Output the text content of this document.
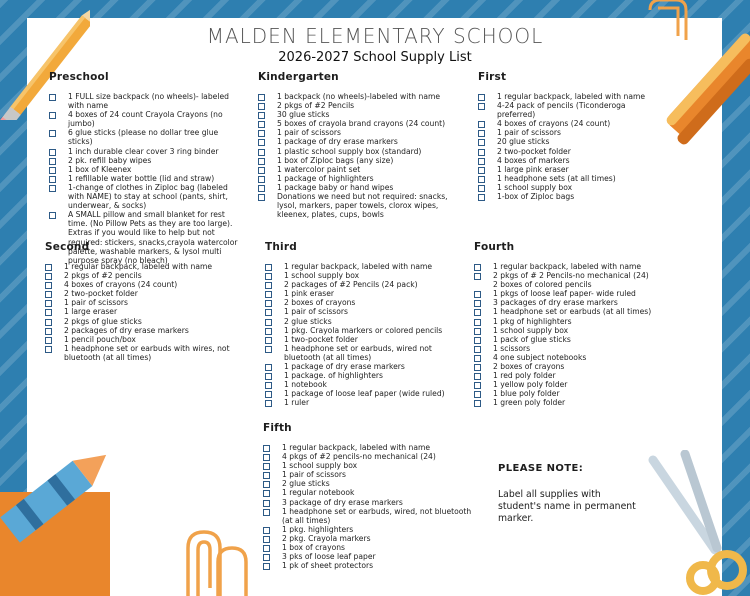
MALDEN ELEMENTARY SCHOOL
2026-2027 School Supply List
Preschool
1 FULL size backpack (no wheels)- labeled with name
4 boxes of 24 count Crayola Crayons (no jumbo)
6 glue sticks (please no dollar tree glue sticks)
1 inch durable clear cover 3 ring binder
2 pk. refill baby wipes
1 box of Kleenex
1 refillable water bottle (lid and straw)
1-change of clothes in Ziploc bag (labeled with NAME) to stay at school (pants, shirt, underwear, & socks)
A SMALL pillow and small blanket for rest time. (No Pillow Pets as they are too large). Extras if you would like to help but not required: stickers, snacks,crayola watercolor palette, washable markers, & lysol multi purpose spray (no bleach)
Kindergarten
1 backpack (no wheels)-labeled with name
2 pkgs of #2 Pencils
30 glue sticks
5 boxes of crayola brand crayons (24 count)
1 pair of scissors
1 package of dry erase markers
1 plastic school supply box (standard)
1 box of Ziploc bags (any size)
1 watercolor paint set
1 package of highlighters
1 package baby or hand wipes
Donations we need but not required: snacks, lysol, markers, paper towels, clorox wipes, kleenex, plates, cups, bowls
First
1 regular backpack, labeled with name
4-24 pack of pencils (Ticonderoga preferred)
4 boxes of crayons (24 count)
1 pair of scissors
20 glue sticks
2 two-pocket folder
4 boxes of markers
1 large pink eraser
1 headphone sets (at all times)
1 school supply box
1-box of Ziploc bags
Second
1 regular backpack, labeled with name
2 pkgs of #2 pencils
4 boxes of crayons (24 count)
2 two-pocket folder
1 pair of scissors
1 large eraser
2 pkgs of glue sticks
2 packages of dry erase markers
1 pencil pouch/box
1 headphone set or earbuds with wires, not bluetooth (at all times)
Third
1 regular backpack, labeled with name
1 school supply box
2 packages of #2 Pencils (24 pack)
1 pink eraser
2 boxes of crayons
1 pair of scissors
2 glue sticks
1 pkg. Crayola markers or colored pencils
1 two-pocket folder
1 headphone set or earbuds, wired not bluetooth (at all times)
1 package of dry erase markers
1 package. of highlighters
1 notebook
1 package of loose leaf paper (wide ruled)
1 ruler
Fourth
1 regular backpack, labeled with name
2 pkgs of # 2 Pencils-no mechanical (24)
2 boxes of colored pencils
1 pkgs of loose leaf paper- wide ruled
3 packages of dry erase markers
1 headphone set or earbuds (at all times)
1 pkg of highlighters
1 school supply box
1 pack of glue sticks
1 scissors
4 one subject notebooks
2 boxes of crayons
1 red poly folder
1 yellow poly folder
1 blue poly folder
1 green poly folder
Fifth
1 regular backpack, labeled with name
4 pkgs of #2 pencils-no mechanical (24)
1 school supply box
1 pair of scissors
2 glue sticks
1 regular notebook
3 package of dry erase markers
1 headphone set or earbuds, wired, not bluetooth (at all times)
1 pkg. highlighters
2 pkg. Crayola markers
1 box of crayons
3 pks of loose leaf paper
1 pk of sheet protectors
PLEASE NOTE:
Label all supplies with student's name in permanent marker.
